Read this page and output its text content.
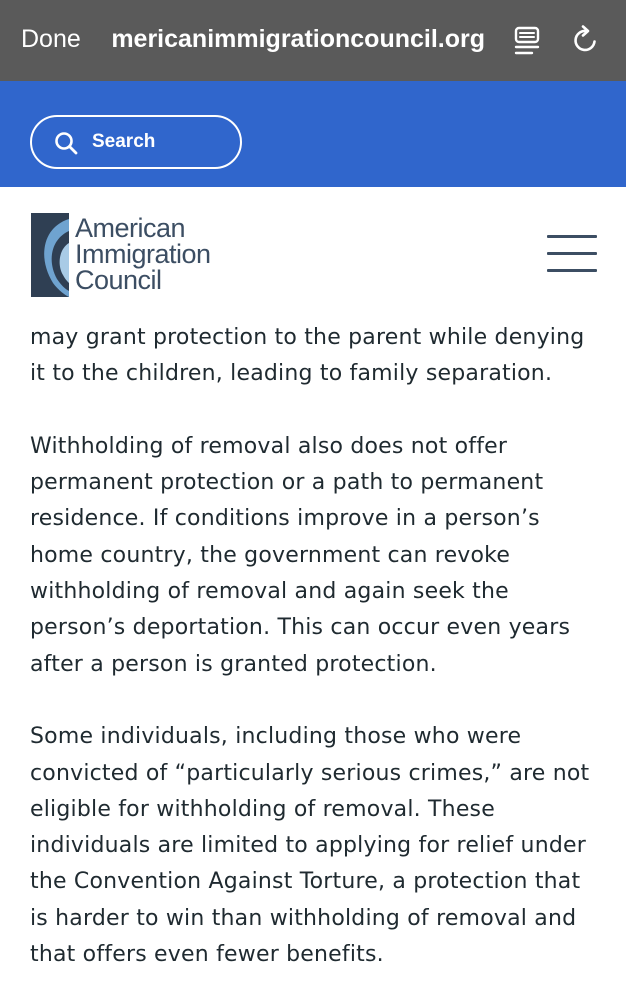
Done mericanimmigrationcouncil.org
Search
American
Immigration
Council

may grant protection to the parent while denying it to the children, leading to family separation.

Withholding of removal also does not offer permanent protection or a path to permanent residence. If conditions improve in a person’s home country, the government can revoke withholding of removal and again seek the person’s deportation. This can occur even years after a person is granted protection.

Some individuals, including those who were convicted of “particularly serious crimes,” are not eligible for withholding of removal. These individuals are limited to applying for relief under the Convention Against Torture, a protection that is harder to win than withholding of removal and that offers even fewer benefits.
